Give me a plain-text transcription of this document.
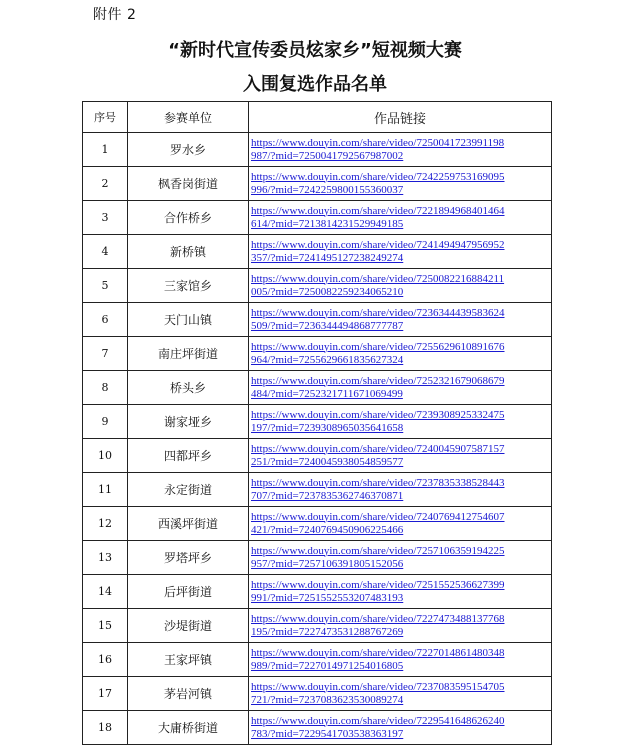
附件 2
“新时代宣传委员炫家乡”短视频大赛
入围复选作品名单
序号	参赛单位	作品链接
1	罗水乡	https://www.douyin.com/share/video/7250041723991198
987/?mid=7250041792567987002

2	枫香岗街道	https://www.douyin.com/share/video/7242259753169095
996/?mid=7242259800155360037

3	合作桥乡	https://www.douyin.com/share/video/7221894968401464
614/?mid=7213814231529949185

4	新桥镇	https://www.douyin.com/share/video/7241494947956952
357/?mid=7241495127238249274

5	三家馆乡	https://www.douyin.com/share/video/7250082216884211
005/?mid=7250082259234065210

6	天门山镇	https://www.douyin.com/share/video/7236344439583624
509/?mid=7236344494868777787

7	南庄坪街道	https://www.douyin.com/share/video/7255629610891676
964/?mid=7255629661835627324

8	桥头乡	https://www.douyin.com/share/video/7252321679068679
484/?mid=7252321711671069499

9	谢家垭乡	https://www.douyin.com/share/video/7239308925332475
197/?mid=7239308965035641658

10	四都坪乡	https://www.douyin.com/share/video/7240045907587157
251/?mid=7240045938054859577

11	永定街道	https://www.douyin.com/share/video/7237835338528443
707/?mid=7237835362746370871

12	西溪坪街道	https://www.douyin.com/share/video/7240769412754607
421/?mid=7240769450906225466

13	罗塔坪乡	https://www.douyin.com/share/video/7257106359194225
957/?mid=7257106391805152056

14	后坪街道	https://www.douyin.com/share/video/7251552536627399
991/?mid=7251552553207483193

15	沙堤街道	https://www.douyin.com/share/video/7227473488137768
195/?mid=7227473531288767269

16	王家坪镇	https://www.douyin.com/share/video/7227014861480348
989/?mid=7227014971254016805

17	茅岩河镇	https://www.douyin.com/share/video/7237083595154705
721/?mid=7237083623530089274

18	大庸桥街道	https://www.douyin.com/share/video/7229541648626240
783/?mid=7229541703538363197
